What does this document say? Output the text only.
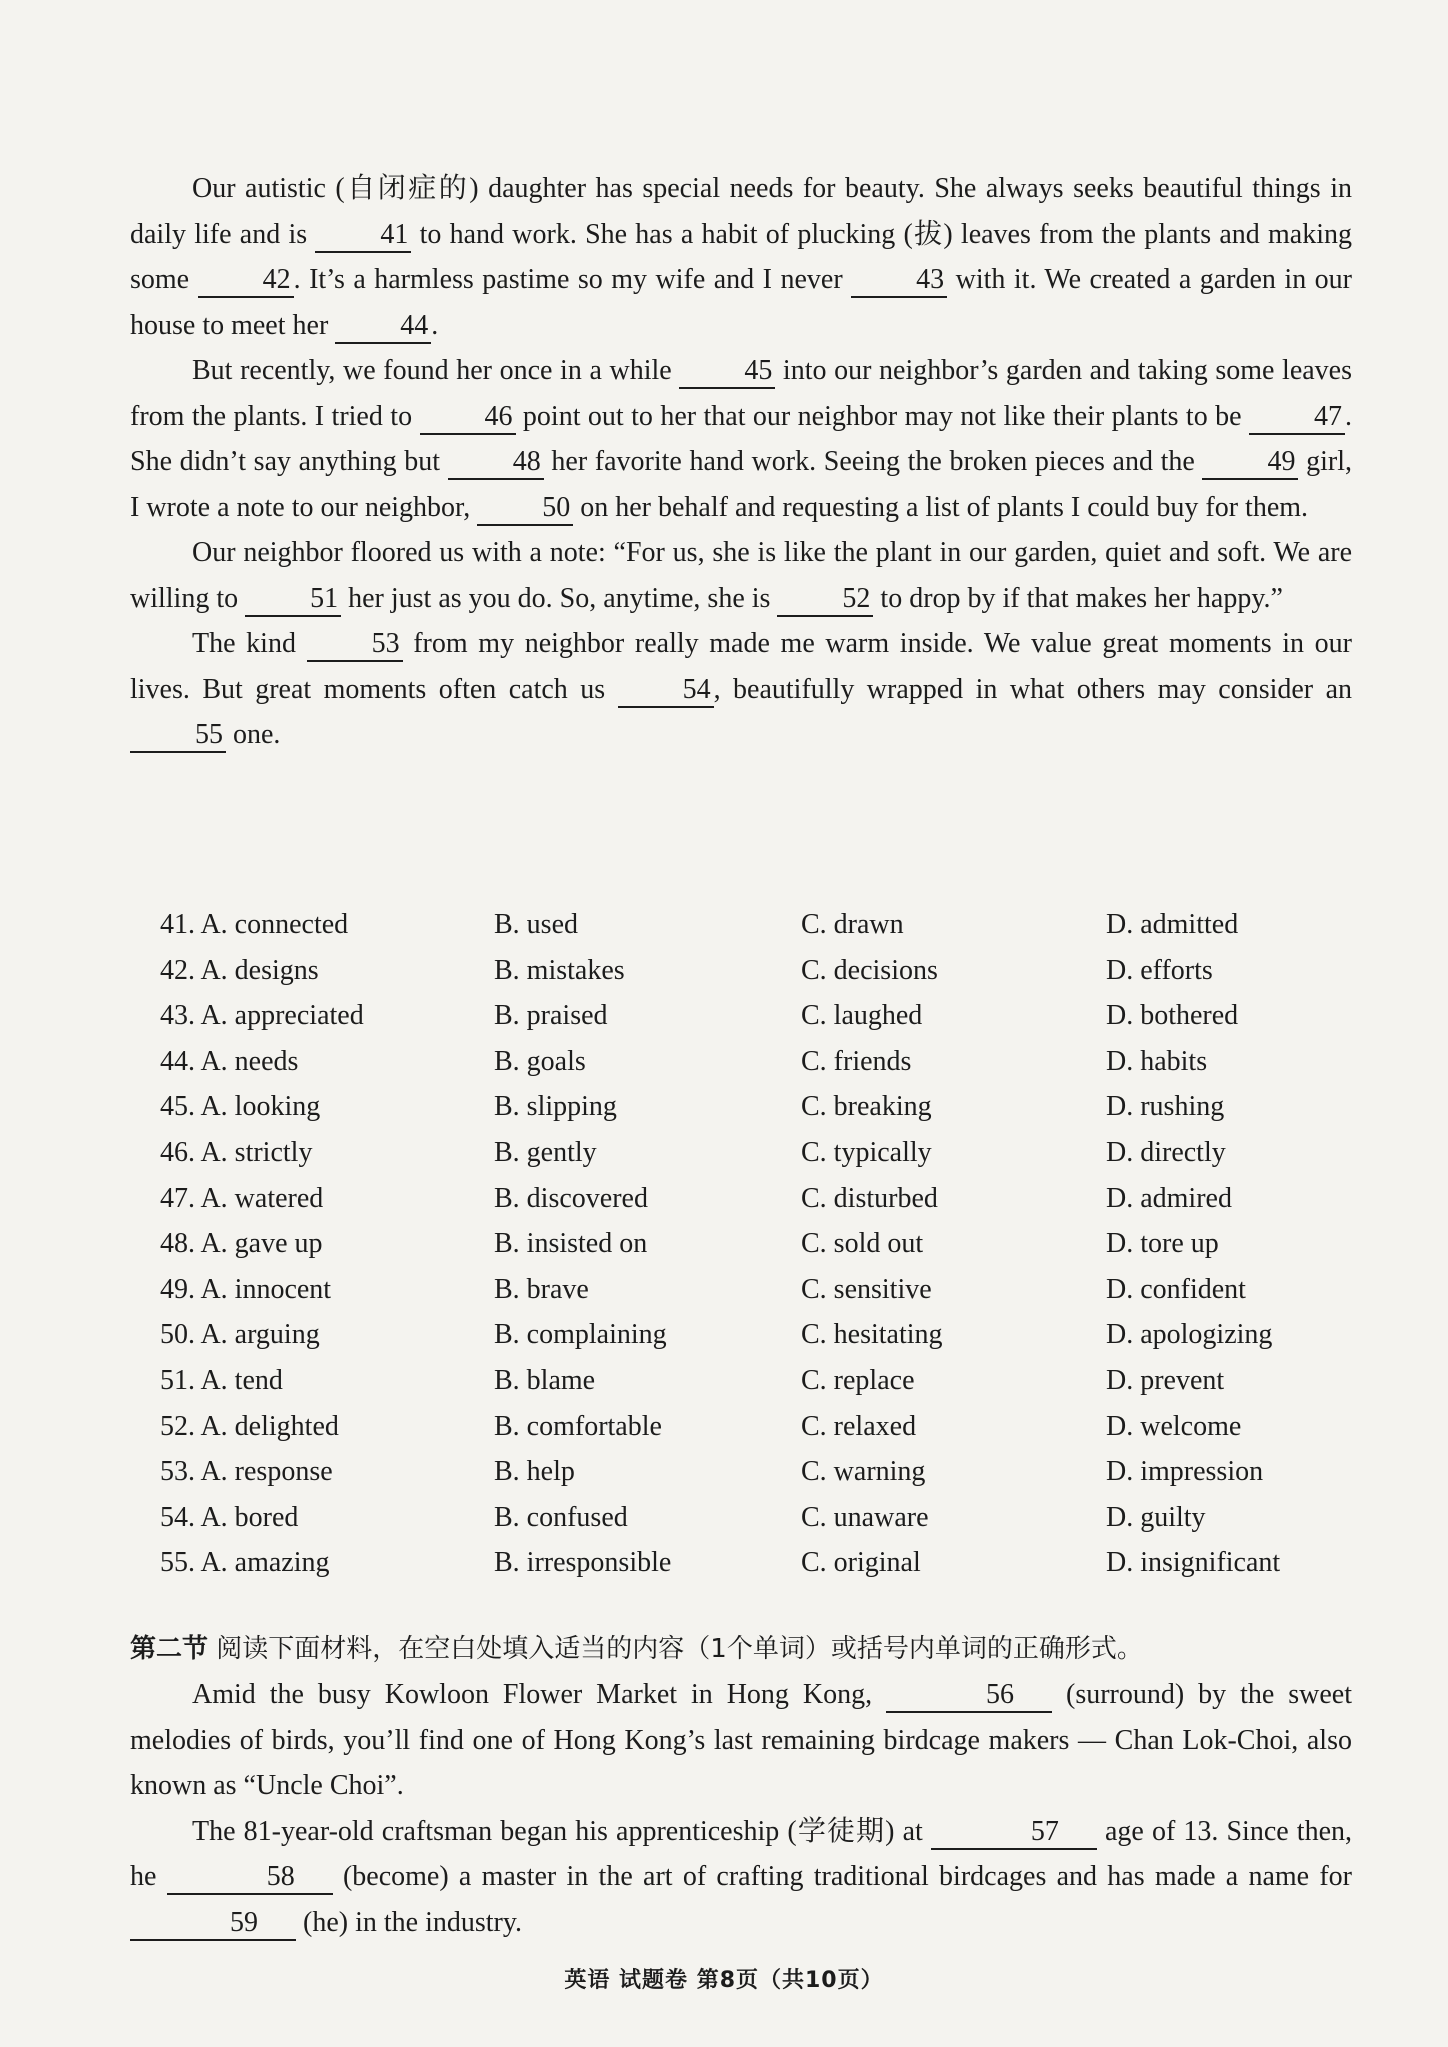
Our autistic (自闭症的) daughter has special needs for beauty. She always seeks beautiful things in daily life and is 41 to hand work. She has a habit of plucking (拔) leaves from the plants and making some 42 . It’s a harmless pastime so my wife and I never 43 with it. We created a garden in our house to meet her 44 .

But recently, we found her once in a while 45 into our neighbor’s garden and taking some leaves from the plants. I tried to 46 point out to her that our neighbor may not like their plants to be 47 . She didn’t say anything but 48 her favorite hand work. Seeing the broken pieces and the 49 girl, I wrote a note to our neighbor, 50 on her behalf and requesting a list of plants I could buy for them.

Our neighbor floored us with a note: “For us, she is like the plant in our garden, quiet and soft. We are willing to 51 her just as you do. So, anytime, she is 52 to drop by if that makes her happy.”

The kind 53 from my neighbor really made me warm inside. We value great moments in our lives. But great moments often catch us 54 , beautifully wrapped in what others may consider an 55 one.

41. A. connected	B. used	C. drawn	D. admitted
42. A. designs	B. mistakes	C. decisions	D. efforts
43. A. appreciated	B. praised	C. laughed	D. bothered
44. A. needs	B. goals	C. friends	D. habits
45. A. looking	B. slipping	C. breaking	D. rushing
46. A. strictly	B. gently	C. typically	D. directly
47. A. watered	B. discovered	C. disturbed	D. admired
48. A. gave up	B. insisted on	C. sold out	D. tore up
49. A. innocent	B. brave	C. sensitive	D. confident
50. A. arguing	B. complaining	C. hesitating	D. apologizing
51. A. tend	B. blame	C. replace	D. prevent
52. A. delighted	B. comfortable	C. relaxed	D. welcome
53. A. response	B. help	C. warning	D. impression
54. A. bored	B. confused	C. unaware	D. guilty
55. A. amazing	B. irresponsible	C. original	D. insignificant
第二节 阅读下面材料，在空白处填入适当的内容（1个单词）或括号内单词的正确形式。

Amid the busy Kowloon Flower Market in Hong Kong,	56 (surround) by the sweet melodies of birds, you’ll find one of Hong Kong’s last remaining birdcage makers — Chan Lok-Choi, also known as “Uncle Choi”.

The 81-year-old craftsman began his apprenticeship (学徒期) at	57 age of 13. Since then, he	58 (become) a master in the art of crafting traditional birdcages and has made a name for 59 (he) in the industry.

英语 试题卷 第8页（共10页）
